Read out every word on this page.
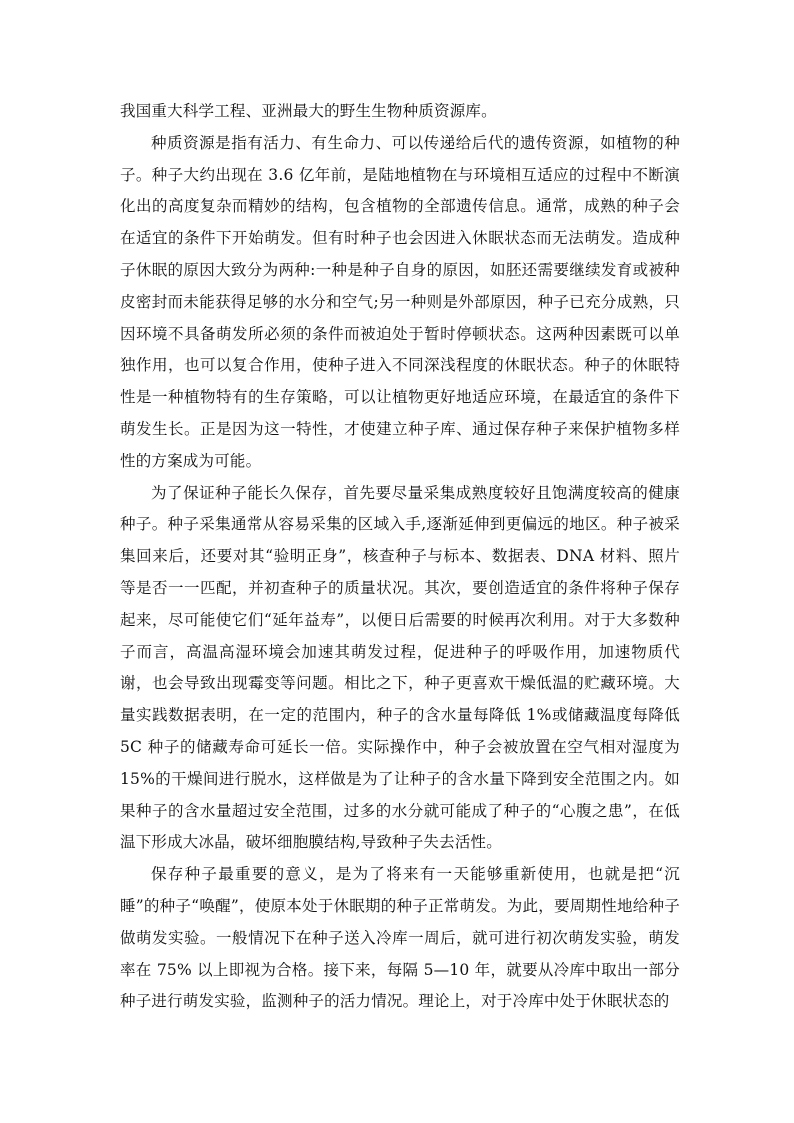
我国重大科学工程、亚洲最大的野生生物种质资源库。

种质资源是指有活力、有生命力、可以传递给后代的遗传资源，如植物的种子。种子大约出现在 3.6 亿年前，是陆地植物在与环境相互适应的过程中不断演化出的高度复杂而精妙的结构，包含植物的全部遗传信息。通常，成熟的种子会在适宜的条件下开始萌发。但有时种子也会因进入休眠状态而无法萌发。造成种子休眠的原因大致分为两种:一种是种子自身的原因，如胚还需要继续发育或被种皮密封而未能获得足够的水分和空气;另一种则是外部原因，种子已充分成熟，只因环境不具备萌发所必须的条件而被迫处于暂时停顿状态。这两种因素既可以单独作用，也可以复合作用，使种子进入不同深浅程度的休眠状态。种子的休眠特性是一种植物特有的生存策略，可以让植物更好地适应环境，在最适宜的条件下萌发生长。正是因为这一特性，才使建立种子库、通过保存种子来保护植物多样性的方案成为可能。

为了保证种子能长久保存，首先要尽量采集成熟度较好且饱满度较高的健康种子。种子采集通常从容易采集的区域入手,逐渐延伸到更偏远的地区。种子被采集回来后，还要对其“验明正身”，核查种子与标本、数据表、DNA 材料、照片等是否一一匹配，并初查种子的质量状况。其次，要创造适宜的条件将种子保存起来，尽可能使它们“延年益寿”，以便日后需要的时候再次利用。对于大多数种子而言，高温高湿环境会加速其萌发过程，促进种子的呼吸作用，加速物质代谢，也会导致出现霉变等问题。相比之下，种子更喜欢干燥低温的贮藏环境。大量实践数据表明，在一定的范围内，种子的含水量每降低 1%或储藏温度每降低 5C 种子的储藏寿命可延长一倍。实际操作中，种子会被放置在空气相对湿度为 15%的干燥间进行脱水，这样做是为了让种子的含水量下降到安全范围之内。如果种子的含水量超过安全范围，过多的水分就可能成了种子的“心腹之患”，在低温下形成大冰晶，破坏细胞膜结构,导致种子失去活性。

保存种子最重要的意义，是为了将来有一天能够重新使用，也就是把“沉睡”的种子“唤醒”，使原本处于休眠期的种子正常萌发。为此，要周期性地给种子做萌发实验。一般情况下在种子送入冷库一周后，就可进行初次萌发实验，萌发率在 75% 以上即视为合格。接下来，每隔 5—10 年，就要从冷库中取出一部分种子进行萌发实验，监测种子的活力情况。理论上，对于冷库中处于休眠状态的
